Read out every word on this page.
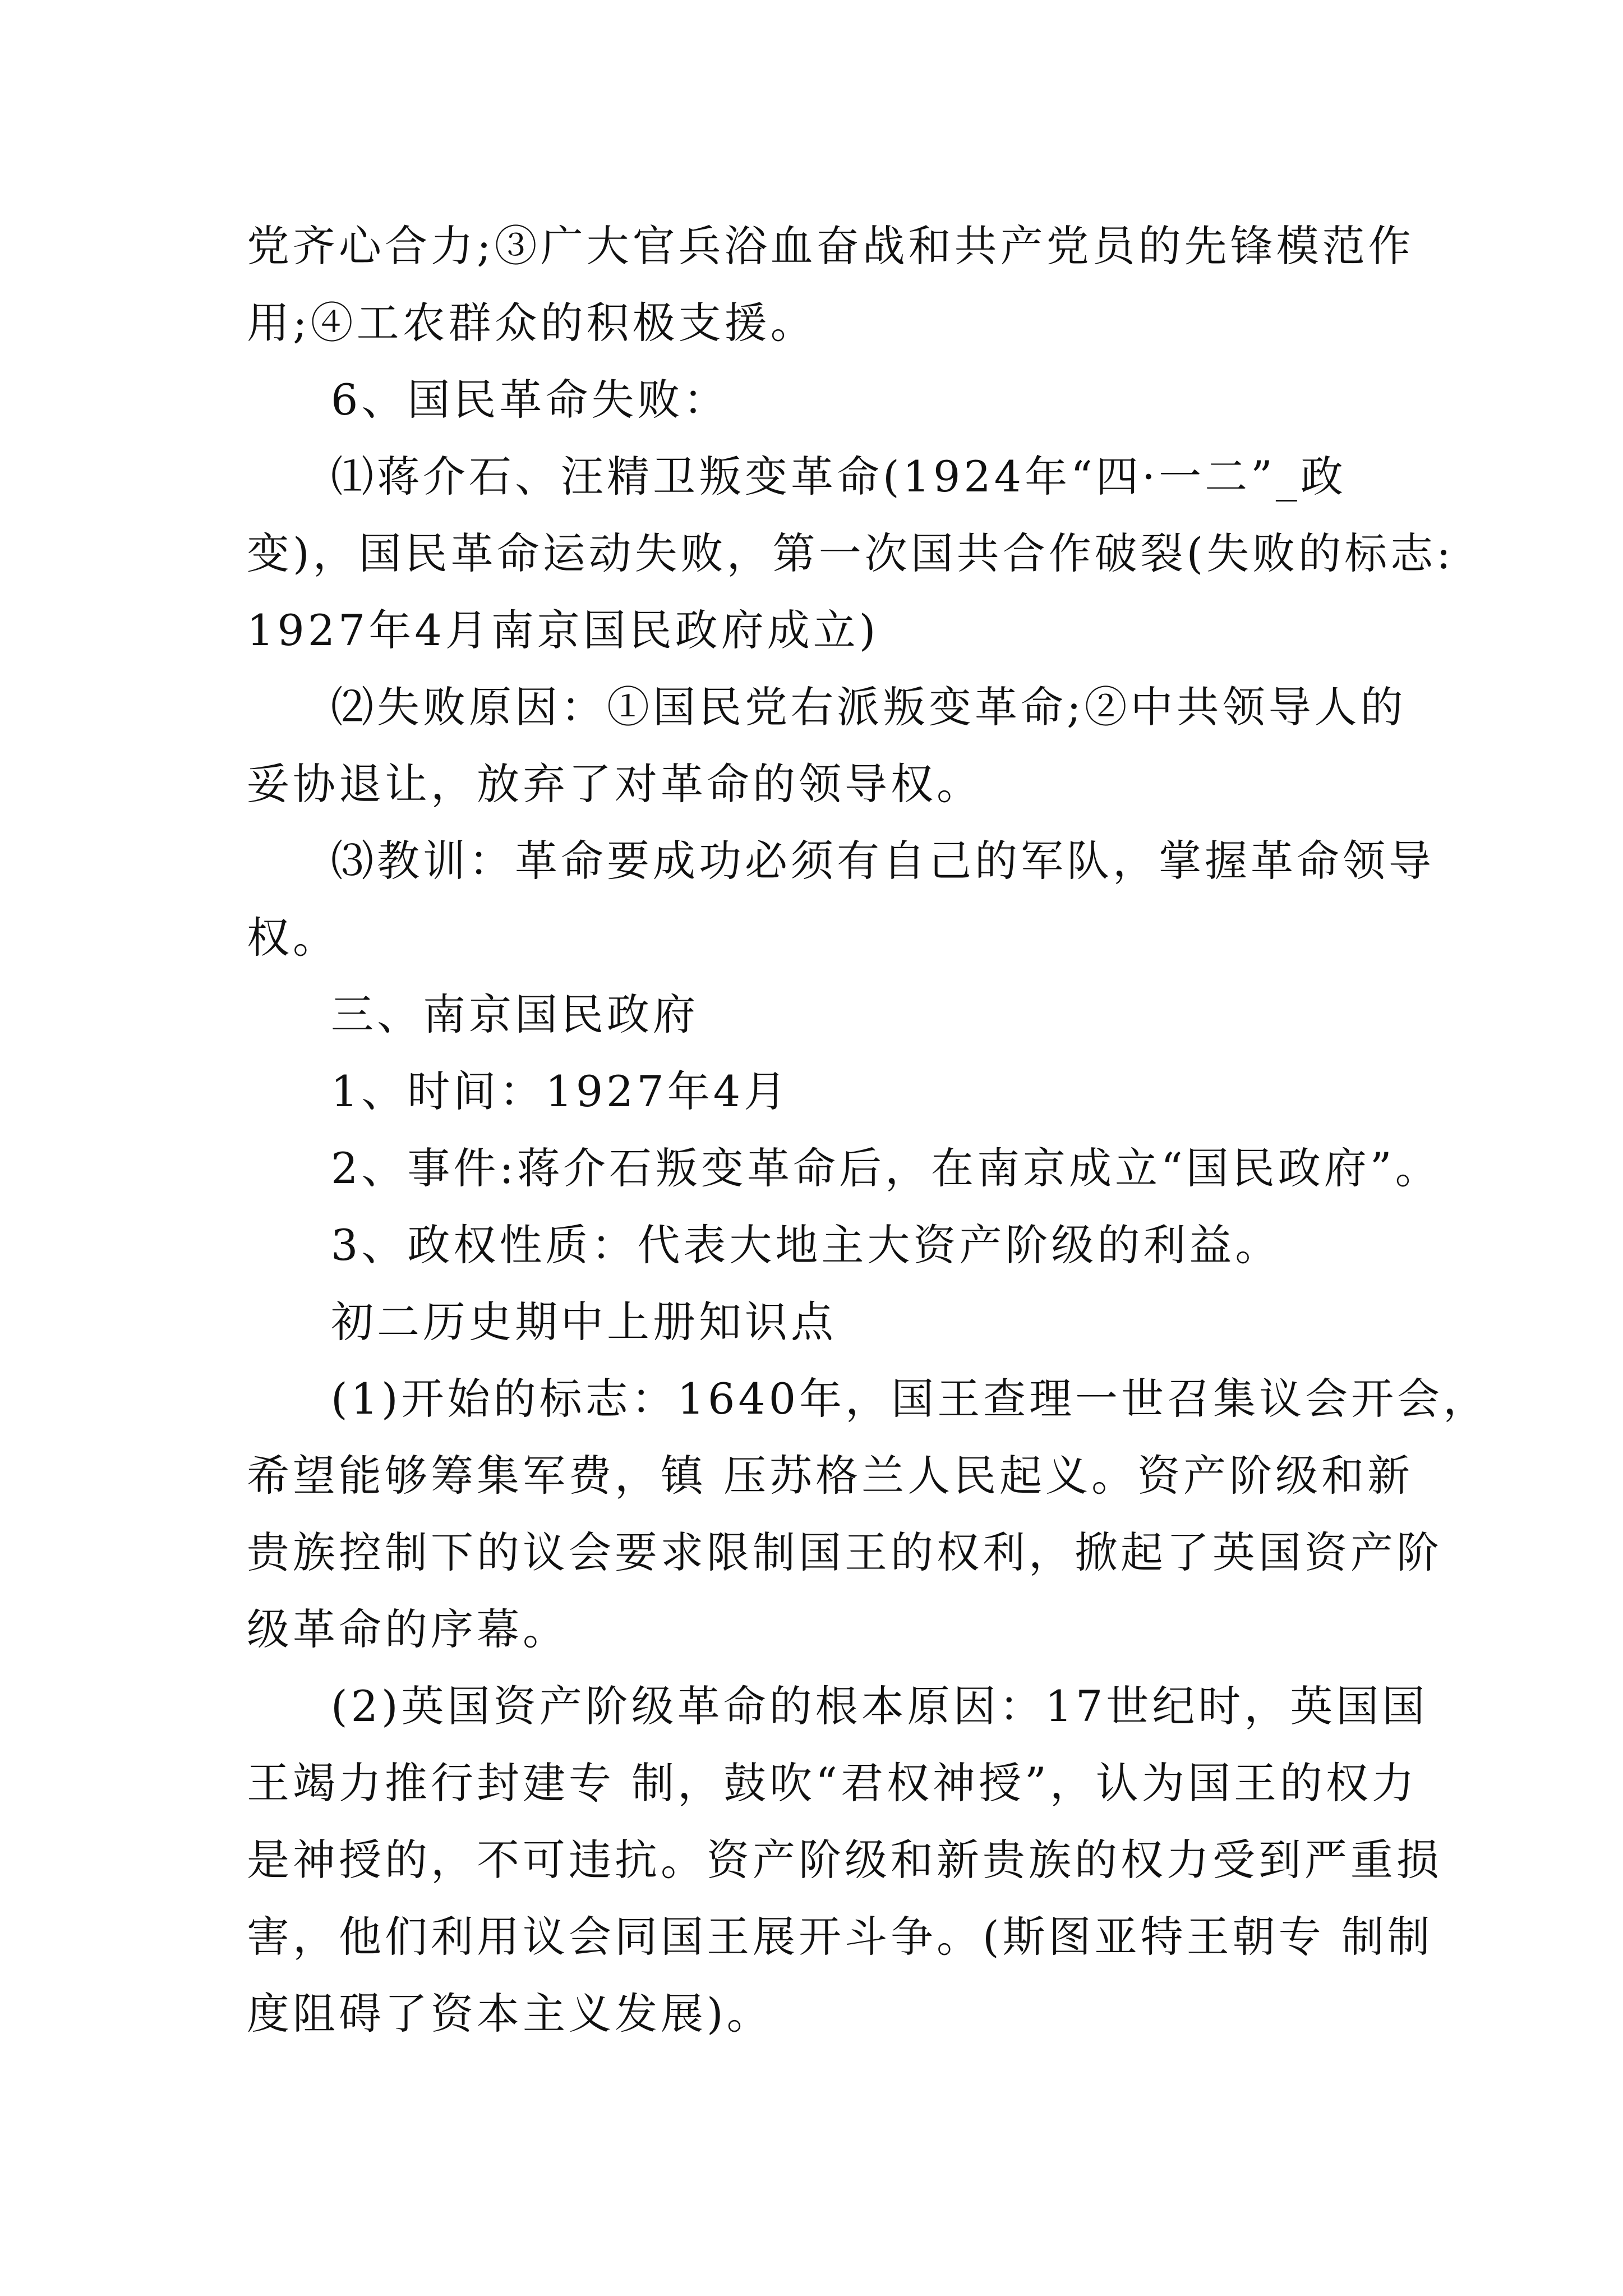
党齐心合力;③广大官兵浴血奋战和共产党员的先锋模范作
用;④工农群众的积极支援。
6、国民革命失败：
⑴蒋介石、汪精卫叛变革命(1924年“四·一二”_政
变)，国民革命运动失败，第一次国共合作破裂(失败的标志:
1927年4月南京国民政府成立)
⑵失败原因：①国民党右派叛变革命;②中共领导人的
妥协退让，放弃了对革命的领导权。
⑶教训：革命要成功必须有自己的军队，掌握革命领导
权。
三、南京国民政府
1、时间：1927年4月
2、事件:蒋介石叛变革命后，在南京成立“国民政府”。
3、政权性质：代表大地主大资产阶级的利益。
初二历史期中上册知识点
(1)开始的标志：1640年，国王查理一世召集议会开会，
希望能够筹集军费，镇 压苏格兰人民起义。资产阶级和新
贵族控制下的议会要求限制国王的权利，掀起了英国资产阶
级革命的序幕。
(2)英国资产阶级革命的根本原因：17世纪时，英国国
王竭力推行封建专 制，鼓吹“君权神授”，认为国王的权力
是神授的，不可违抗。资产阶级和新贵族的权力受到严重损
害，他们利用议会同国王展开斗争。(斯图亚特王朝专 制制
度阻碍了资本主义发展)。
